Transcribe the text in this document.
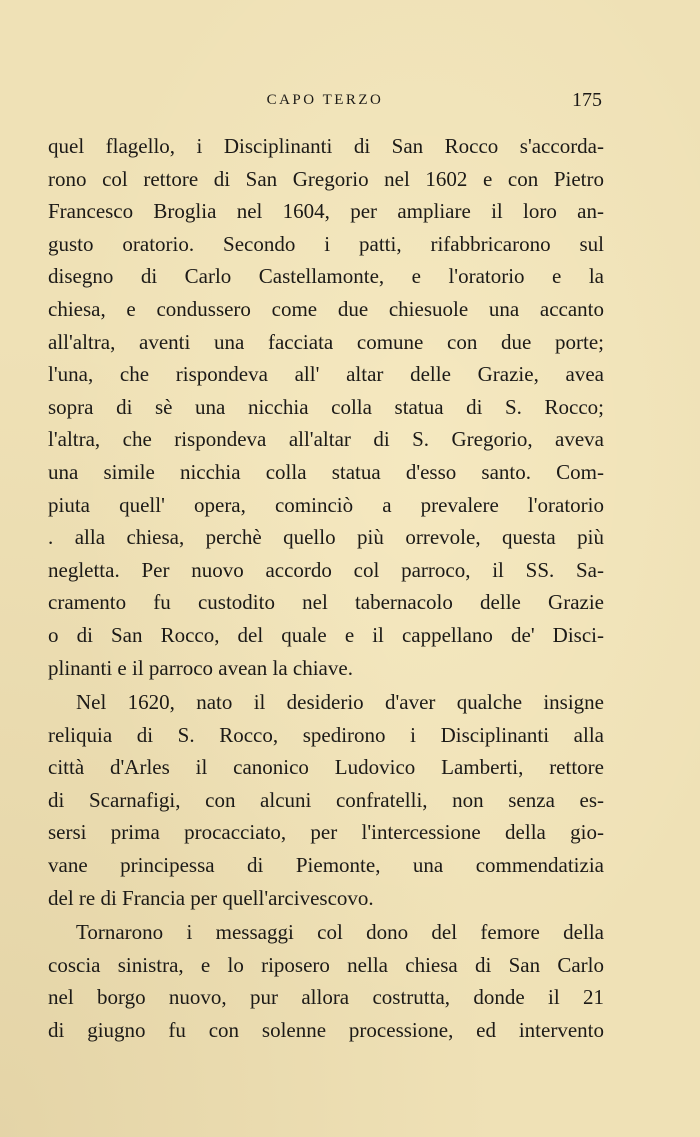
CAPO TERZO	175
quel flagello, i Disciplinanti di San Rocco s'accorda-
rono col rettore di San Gregorio nel 1602 e con Pietro
Francesco Broglia nel 1604, per ampliare il loro an-
gusto oratorio. Secondo i patti, rifabbricarono sul
disegno di Carlo Castellamonte, e l'oratorio e la
chiesa, e condussero come due chiesuole una accanto
all'altra, aventi una facciata comune con due porte;
l'una, che rispondeva all' altar delle Grazie, avea
sopra di sè una nicchia colla statua di S. Rocco;
l'altra, che rispondeva all'altar di S. Gregorio, aveva
una simile nicchia colla statua d'esso santo. Com-
piuta quell' opera, cominciò a prevalere l'oratorio
. alla chiesa, perchè quello più orrevole, questa più
negletta. Per nuovo accordo col parroco, il SS. Sa-
cramento fu custodito nel tabernacolo delle Grazie
o di San Rocco, del quale e il cappellano de' Disci-
plinanti e il parroco avean la chiave.
Nel 1620, nato il desiderio d'aver qualche insigne
reliquia di S. Rocco, spedirono i Disciplinanti alla
città d'Arles il canonico Ludovico Lamberti, rettore
di Scarnafigi, con alcuni confratelli, non senza es-
sersi prima procacciato, per l'intercessione della gio-
vane principessa di Piemonte, una commendatizia
del re di Francia per quell'arcivescovo.
Tornarono i messaggi col dono del femore della
coscia sinistra, e lo riposero nella chiesa di San Carlo
nel borgo nuovo, pur allora costrutta, donde il 21
di giugno fu con solenne processione, ed intervento
